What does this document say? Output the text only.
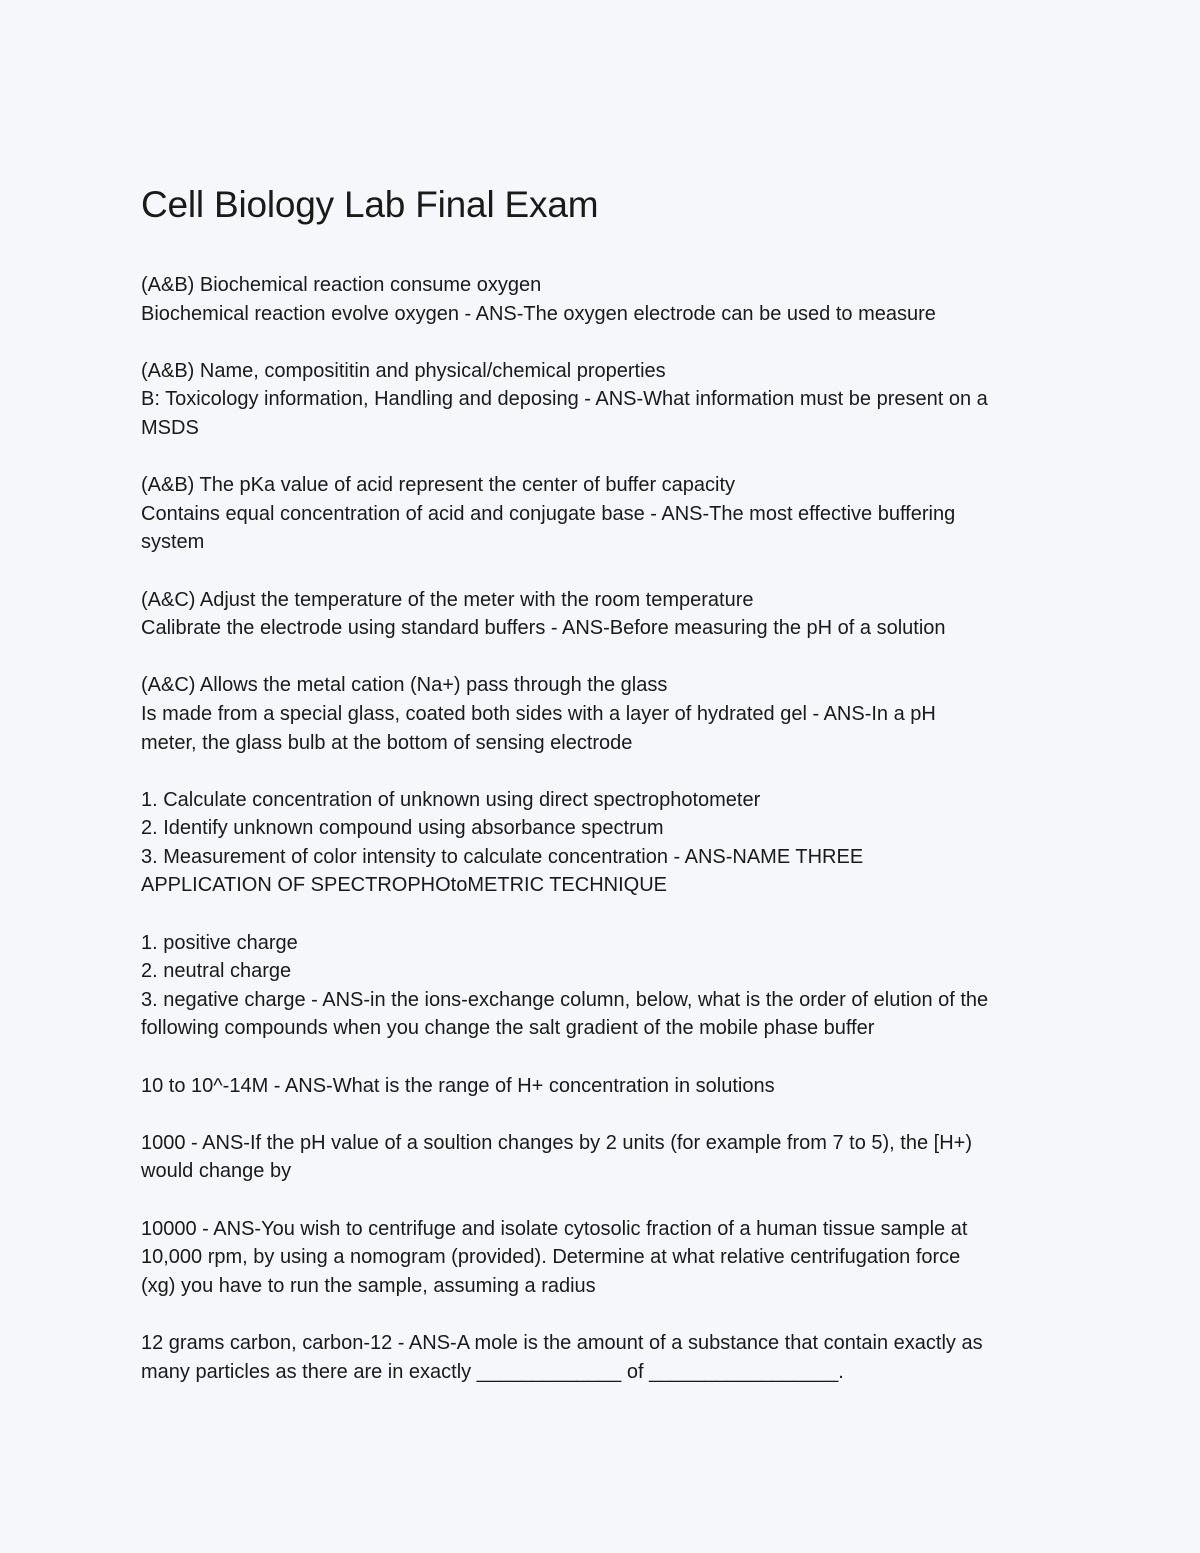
Cell Biology Lab Final Exam
(A&B) Biochemical reaction consume oxygen
Biochemical reaction evolve oxygen - ANS-The oxygen electrode can be used to measure
(A&B) Name, composititin and physical/chemical properties
B: Toxicology information, Handling and deposing - ANS-What information must be present on a
MSDS
(A&B) The pKa value of acid represent the center of buffer capacity
Contains equal concentration of acid and conjugate base - ANS-The most effective buffering
system
(A&C) Adjust the temperature of the meter with the room temperature
Calibrate the electrode using standard buffers - ANS-Before measuring the pH of a solution
(A&C) Allows the metal cation (Na+) pass through the glass
Is made from a special glass, coated both sides with a layer of hydrated gel - ANS-In a pH
meter, the glass bulb at the bottom of sensing electrode
1. Calculate concentration of unknown using direct spectrophotometer
2. Identify unknown compound using absorbance spectrum
3. Measurement of color intensity to calculate concentration - ANS-NAME THREE
APPLICATION OF SPECTROPHOtoMETRIC TECHNIQUE
1. positive charge
2. neutral charge
3. negative charge - ANS-in the ions-exchange column, below, what is the order of elution of the
following compounds when you change the salt gradient of the mobile phase buffer
10 to 10^-14M - ANS-What is the range of H+ concentration in solutions
1000 - ANS-If the pH value of a soultion changes by 2 units (for example from 7 to 5), the [H+)
would change by
10000 - ANS-You wish to centrifuge and isolate cytosolic fraction of a human tissue sample at
10,000 rpm, by using a nomogram (provided). Determine at what relative centrifugation force
(xg) you have to run the sample, assuming a radius
12 grams carbon, carbon-12 - ANS-A mole is the amount of a substance that contain exactly as
many particles as there are in exactly _____________ of _________________.
